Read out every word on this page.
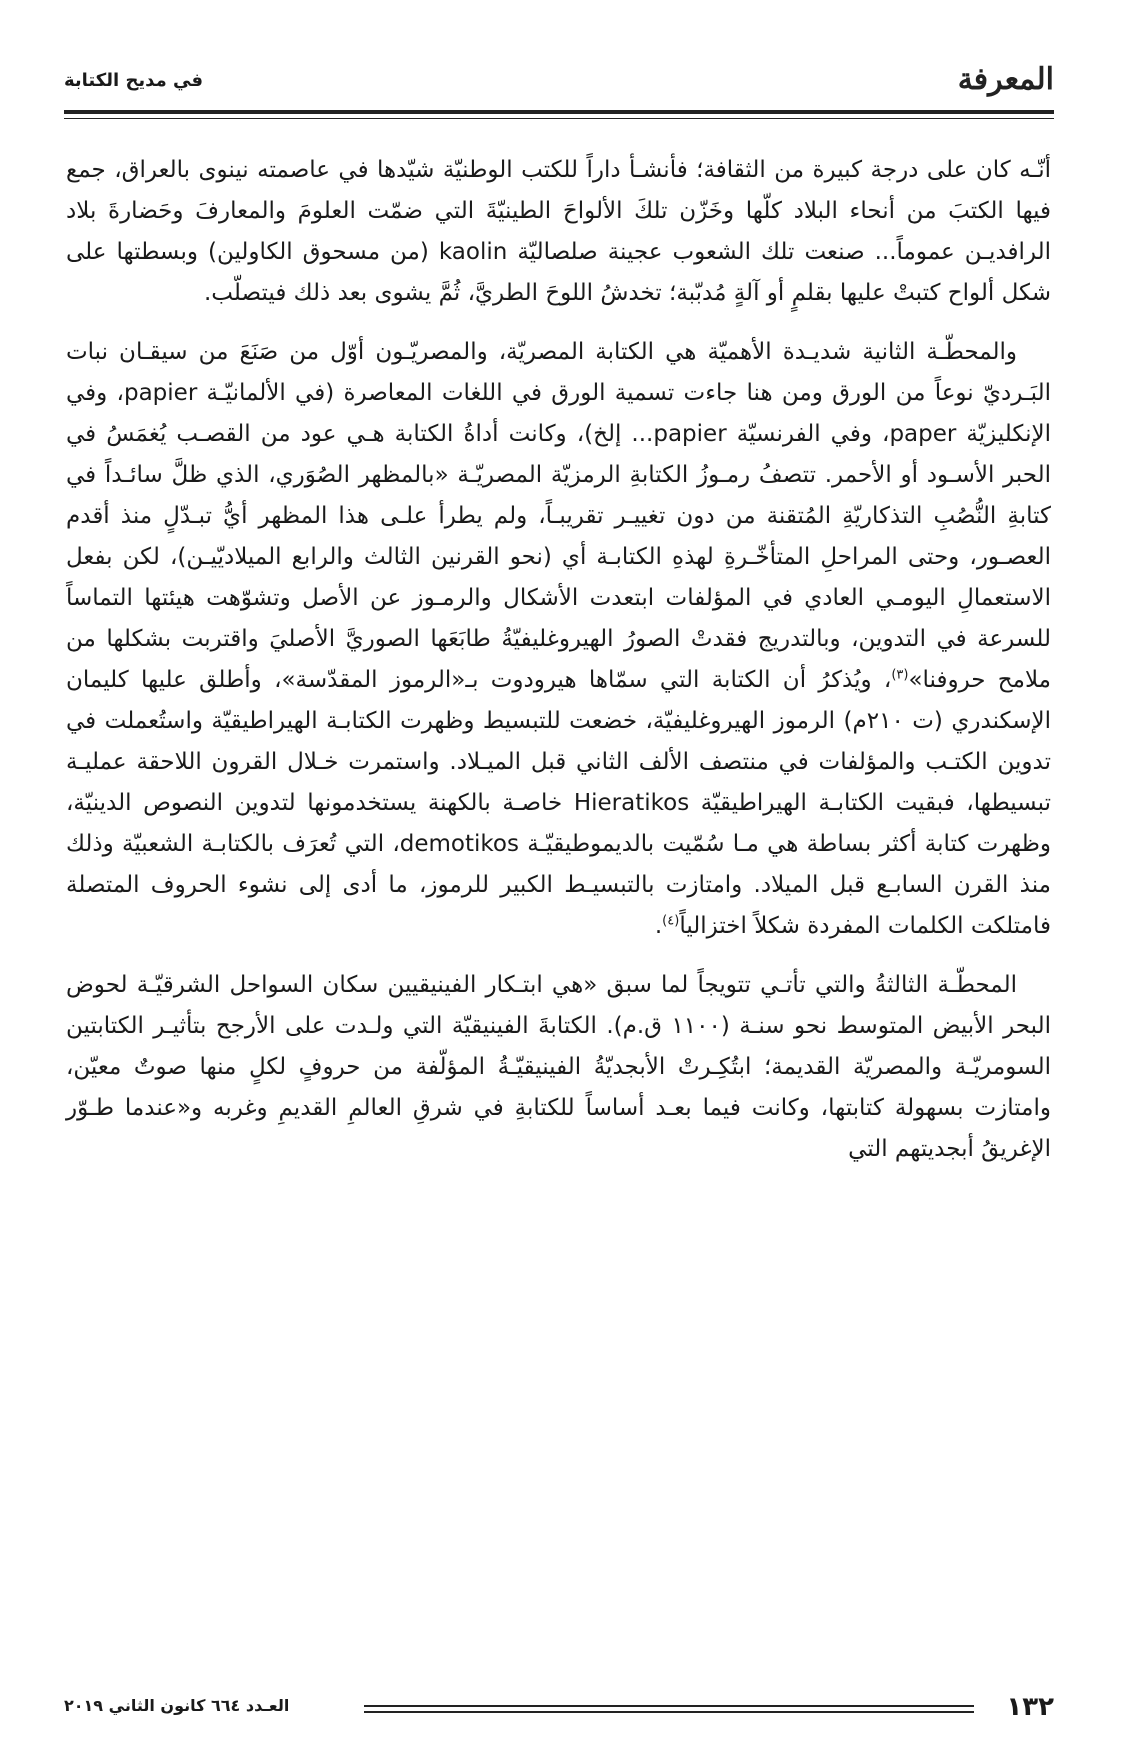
المعرفة
في مديح الكتابة

أنّـه كان على درجة كبيرة من الثقافة؛ فأنشـأ داراً للكتب الوطنيّة شيّدها في عاصمته نينوى بالعراق، جمع فيها الكتبَ من أنحاء البلاد كلّها وخَزّن تلكَ الألواحَ الطينيّةَ التي ضمّت العلومَ والمعارفَ وحَضارةَ بلاد الرافديـن عموماً... صنعت تلك الشعوب عجينة صلصاليّة kaolin (من مسحوق الكاولين) وبسطتها على شكل ألواح كتبتْ عليها بقلمٍ أو آلةٍ مُدبّبة؛ تخدشُ اللوحَ الطريَّ، ثُمَّ يشوى بعد ذلك فيتصلّب.

والمحطّـة الثانية شديـدة الأهميّة هي الكتابة المصريّة، والمصريّـون أوّل من صَنَعَ من سيقـان نبات البَـرديّ نوعاً من الورق ومن هنا جاءت تسمية الورق في اللغات المعاصرة (في الألمانيّـة papier، وفي الإنكليزيّة paper، وفي الفرنسيّة papier... إلخ)، وكانت أداةُ الكتابة هـي عود من القصـب يُغمَسُ في الحبر الأسـود أو الأحمر. تتصفُ رمـوزُ الكتابةِ الرمزيّة المصريّـة «بالمظهر الصُوَري، الذي ظلَّ سائـداً في كتابةِ النُّصُبِ التذكاريّةِ المُتقنة من دون تغييـر تقريبـاً، ولم يطرأ علـى هذا المظهر أيُّ تبـدّلٍ منذ أقدم العصـور، وحتى المراحلِ المتأخّـرةِ لهذهِ الكتابـة أي (نحو القرنين الثالث والرابع الميلاديّيـن)، لكن بفعل الاستعمالِ اليومـي العادي في المؤلفات ابتعدت الأشكال والرمـوز عن الأصل وتشوّهت هيئتها التماساً للسرعة في التدوين، وبالتدريج فقدتْ الصورُ الهيروغليفيّةُ طابَعَها الصوريَّ الأصليَ واقتربت بشكلها من ملامح حروفنا»$^{(٣)}$، ويُذكرُ أن الكتابة التي سمّاها هيرودوت بـ«الرموز المقدّسة»، وأطلق عليها كليمان الإسكندري (ت ٢١٠م) الرموز الهيروغليفيّة، خضعت للتبسيط وظهرت الكتابـة الهيراطيقيّة واستُعملت في تدوين الكتـب والمؤلفات في منتصف الألف الثاني قبل الميـلاد. واستمرت خـلال القرون اللاحقة عمليـة تبسيطها، فبقيت الكتابـة الهيراطيقيّة Hieratikos خاصـة بالكهنة يستخدمونها لتدوين النصوص الدينيّة، وظهرت كتابة أكثر بساطة هي مـا سُمّيت بالديموطيقيّـة demotikos، التي تُعرَف بالكتابـة الشعبيّة وذلك منذ القرن السابـع قبل الميلاد. وامتازت بالتبسيـط الكبير للرموز، ما أدى إلى نشوء الحروف المتصلة فامتلكت الكلمات المفردة شكلاً اختزالياً$^{(٤)}$.

المحطّـة الثالثةُ والتي تأتـي تتويجاً لما سبق «هي ابتـكار الفينيقيين سكان السواحل الشرقيّـة لحوض البحر الأبيض المتوسط نحو سنـة (١١٠٠ ق.م). الكتابةَ الفينيقيّة التي ولـدت على الأرجح بتأثيـر الكتابتين السومريّـة والمصريّة القديمة؛ ابتُكِـرتْ الأبجديّةُ الفينيقيّـةُ المؤلّفة من حروفٍ لكلٍ منها صوتٌ معيّن، وامتازت بسهولة كتابتها، وكانت فيما بعـد أساساً للكتابةِ في شرقِ العالمِ القديمِ وغربه و«عندما طـوّر الإغريقُ أبجديتهم التي

١٣٢
العـدد ٦٦٤ كانون الثاني ٢٠١٩
